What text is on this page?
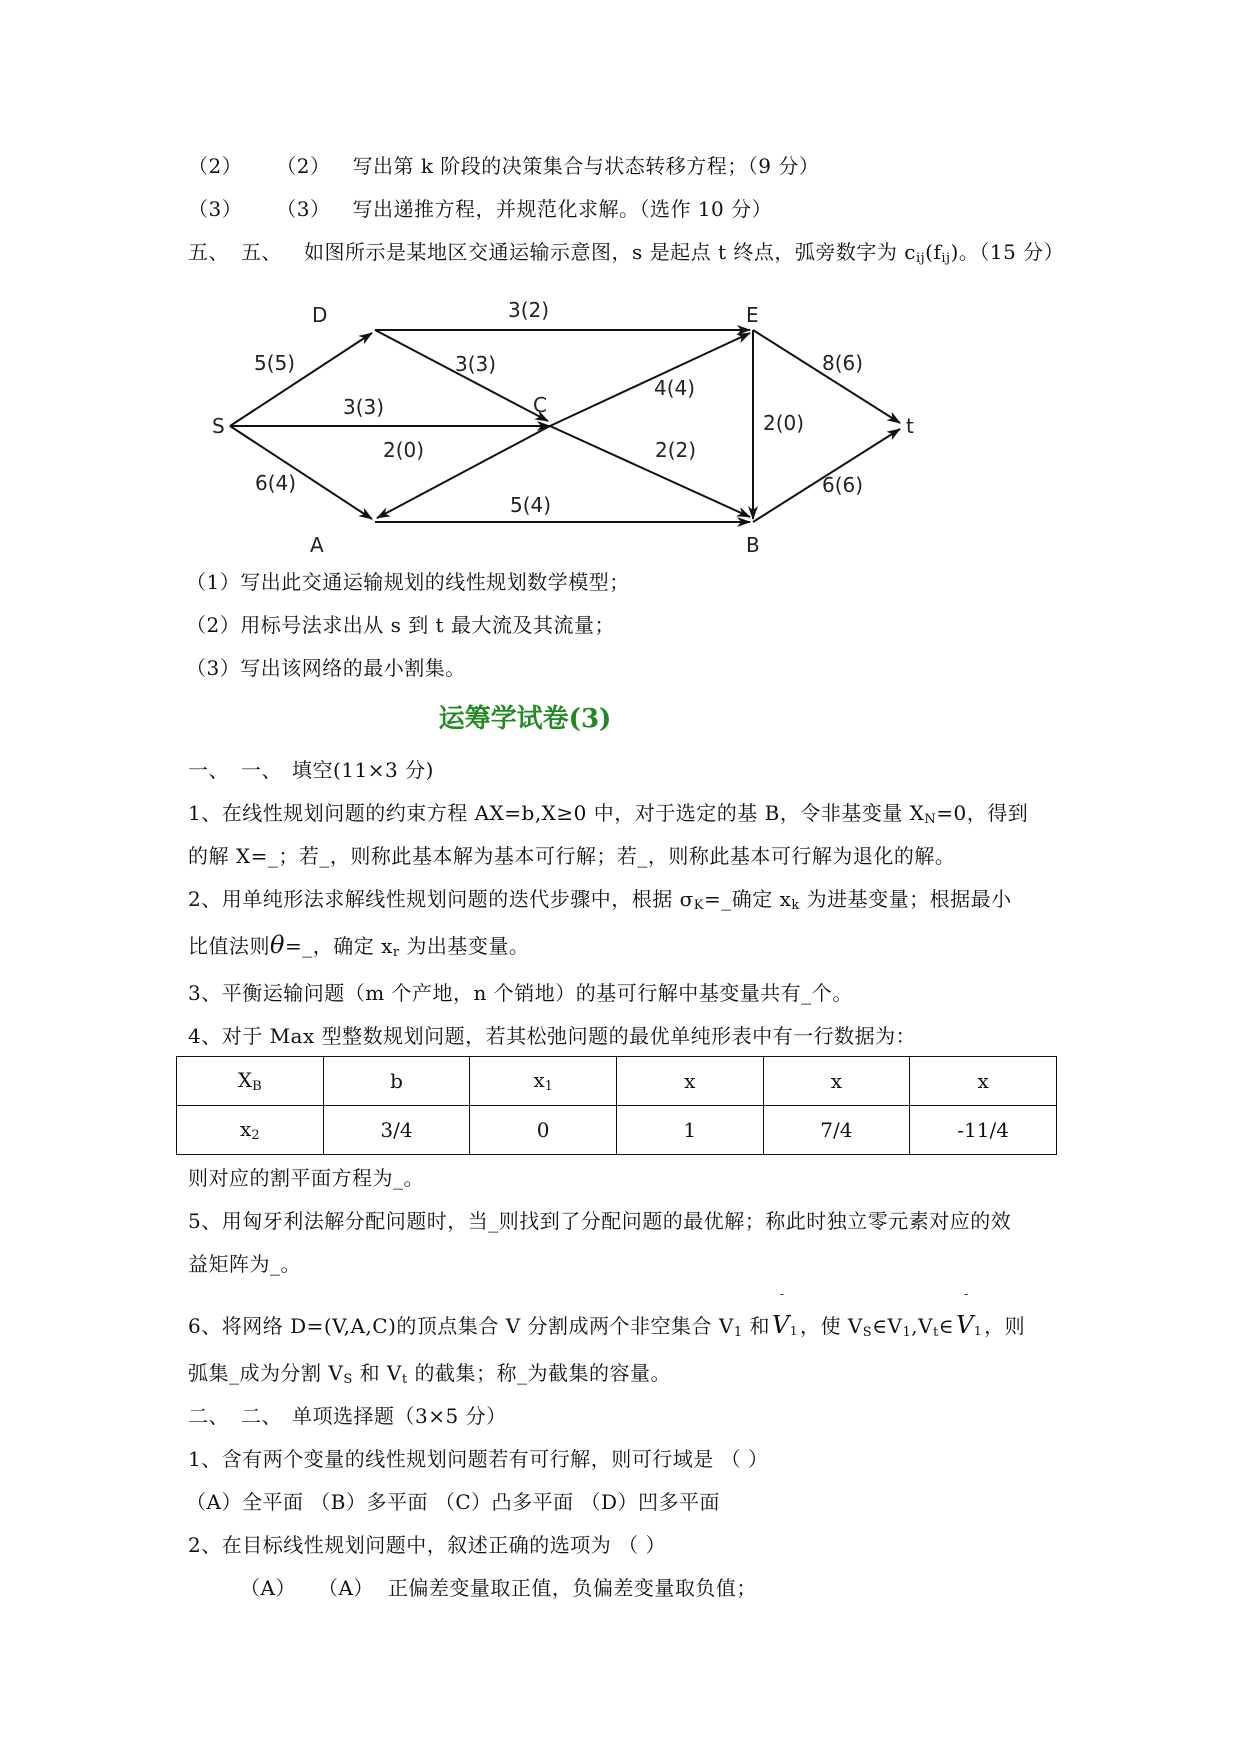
（2） （2） 写出第 k 阶段的决策集合与状态转移方程；（9 分）
（3） （3） 写出递推方程，并规范化求解。（选作 10 分）
五、 五、 如图所示是某地区交通运输示意图，s 是起点 t 终点，弧旁数字为 $c_{ij}(f_{ij})$。（15 分）
D	E
S
C
t
A	B
3(2)
5(5)	3(3)
4(4)
8(6)
3(3)
2(0)
2(0)	2(2)
6(4)	6(6)
5(4)
（1）写出此交通运输规划的线性规划数学模型；
（2）用标号法求出从 s 到 t 最大流及其流量；
（3）写出该网络的最小割集。
运筹学试卷(3)
一、 一、 填空(11×3 分)
1、在线性规划问题的约束方程 AX=b,X≥0 中，对于选定的基 B，令非基变量 $X_N=0$，得到
的解 X=_；若_，则称此基本解为基本可行解；若_，则称此基本可行解为退化的解。
2、用单纯形法求解线性规划问题的迭代步骤中，根据 $\sigma_K=\_$确定 $x_k$ 为进基变量；根据最小
比值法则θ=_，确定 $x_r$ 为出基变量。
3、平衡运输问题（m 个产地，n 个销地）的基可行解中基变量共有_个。
4、对于 Max 型整数规划问题，若其松弛问题的最优单纯形表中有一行数据为：
$X_B$	b	$x_1$	x	x	x
$x_2$	3/4	0	1	7/4	-11/4
则对应的割平面方程为_。
5、用匈牙利法解分配问题时，当_则找到了分配问题的最优解；称此时独立零元素对应的效
益矩阵为_。
6、将网络 D=(V,A,C)的顶点集合 V 分割成两个非空集合 $V_1$ 和
-
V1 ，使 $V_S\in V_1,V_t\in$
-
V1 ，则
弧集_成为分割 $V_S$ 和 $V_t$ 的截集；称_为截集的容量。
二、 二、 单项选择题（3×5 分）
1、含有两个变量的线性规划问题若有可行解，则可行域是 （ ）
（A）全平面 （B）多平面 （C）凸多平面 （D）凹多平面
2、在目标线性规划问题中，叙述正确的选项为 （ ）
（A） （A） 正偏差变量取正值，负偏差变量取负值；
